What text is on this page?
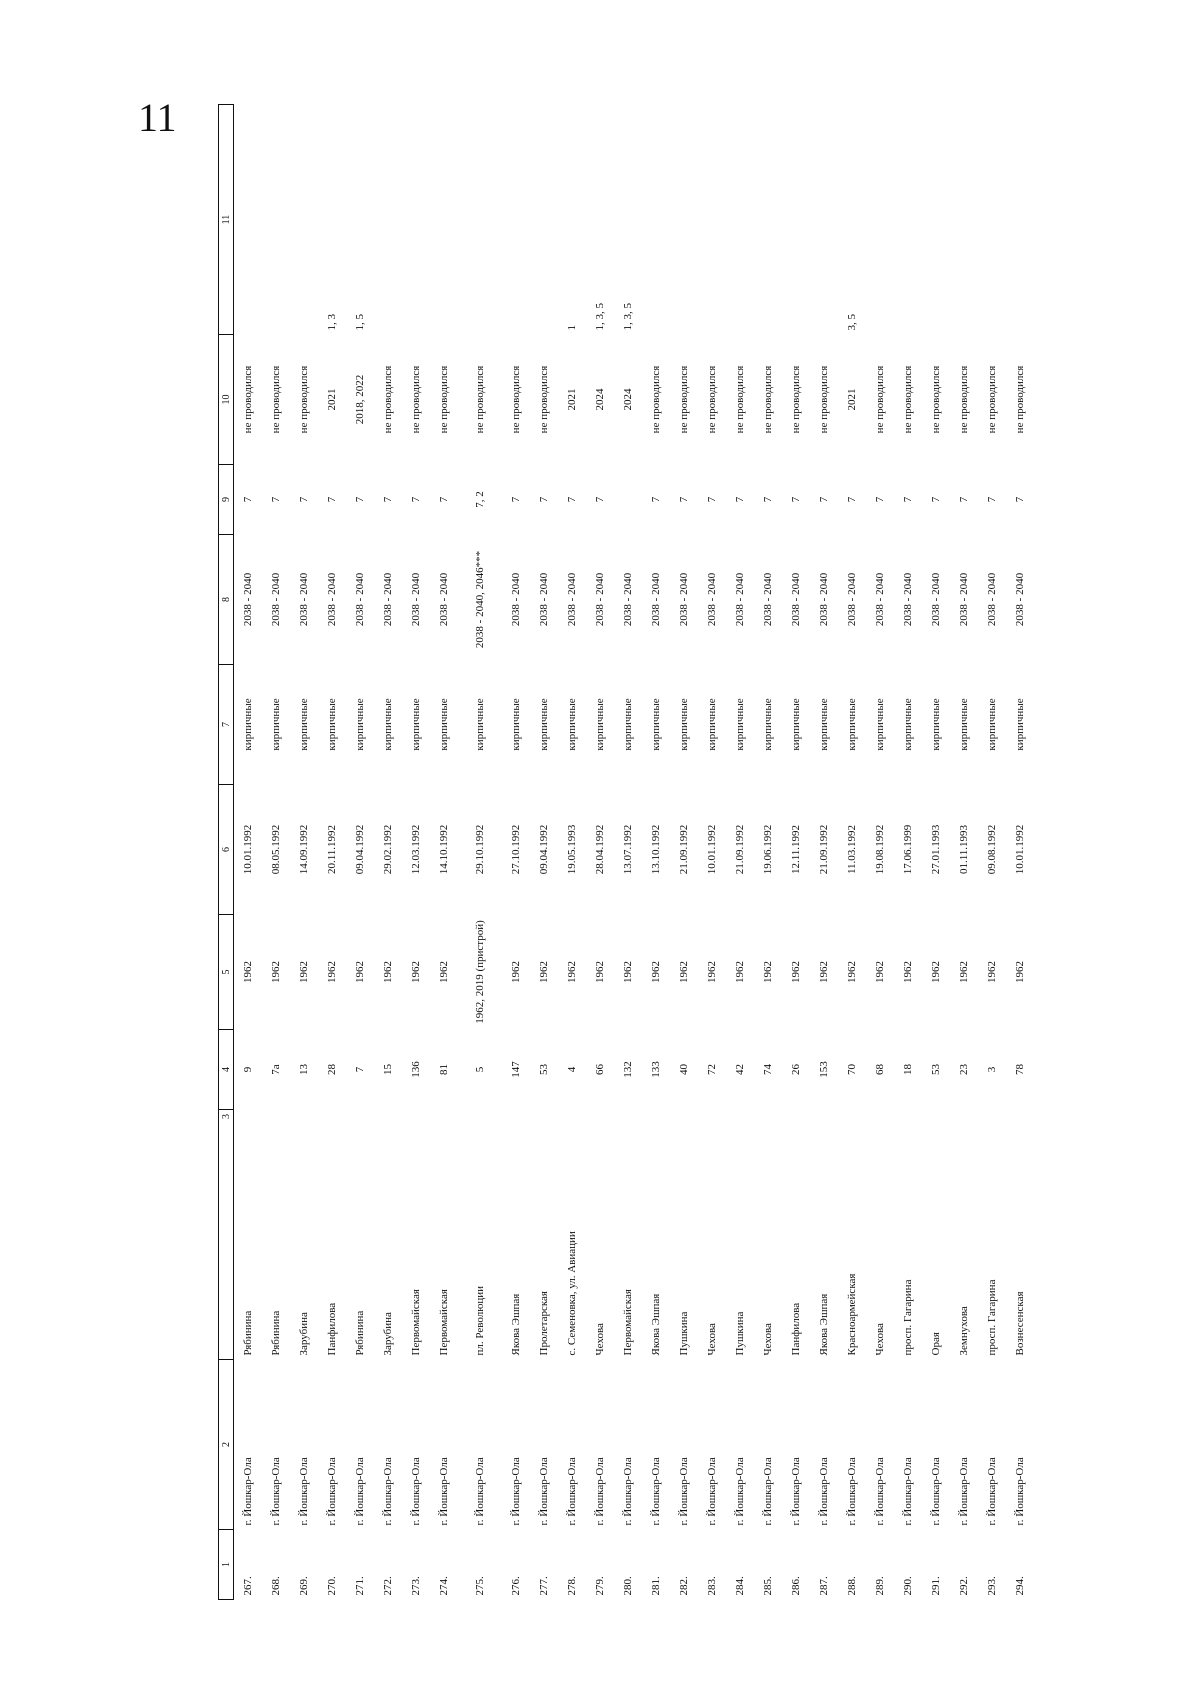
11
1	2	3	4	5	6	7	8	9	10	11
267.	г. Йошкар-Ола	Рябинина	9	1962	10.01.1992	кирпичные	2038 - 2040	7	не проводился	
268.	г. Йошкар-Ола	Рябинина	7а	1962	08.05.1992	кирпичные	2038 - 2040	7	не проводился	
269.	г. Йошкар-Ола	Зарубина	13	1962	14.09.1992	кирпичные	2038 - 2040	7	не проводился	
270.	г. Йошкар-Ола	Панфилова	28	1962	20.11.1992	кирпичные	2038 - 2040	7	2021	1, 3
271.	г. Йошкар-Ола	Рябинина	7	1962	09.04.1992	кирпичные	2038 - 2040	7	2018, 2022	1, 5
272.	г. Йошкар-Ола	Зарубина	15	1962	29.02.1992	кирпичные	2038 - 2040	7	не проводился	
273.	г. Йошкар-Ола	Первомайская	136	1962	12.03.1992	кирпичные	2038 - 2040	7	не проводился	
274.	г. Йошкар-Ола	Первомайская	81	1962	14.10.1992	кирпичные	2038 - 2040	7	не проводился	
275.	г. Йошкар-Ола	пл. Революции	5	1962, 2019 (пристрой)	29.10.1992	кирпичные	2038 - 2040, 2046***	7, 2	не проводился	
276.	г. Йошкар-Ола	Якова Эшпая	147	1962	27.10.1992	кирпичные	2038 - 2040	7	не проводился	
277.	г. Йошкар-Ола	Пролетарская	53	1962	09.04.1992	кирпичные	2038 - 2040	7	не проводился	
278.	г. Йошкар-Ола	с. Семеновка, ул. Авиации	4	1962	19.05.1993	кирпичные	2038 - 2040	7	2021	1
279.	г. Йошкар-Ола	Чехова	66	1962	28.04.1992	кирпичные	2038 - 2040	7	2024	1, 3, 5
280.	г. Йошкар-Ола	Первомайская	132	1962	13.07.1992	кирпичные	2038 - 2040		2024	1, 3, 5
281.	г. Йошкар-Ола	Якова Эшпая	133	1962	13.10.1992	кирпичные	2038 - 2040	7	не проводился	
282.	г. Йошкар-Ола	Пушкина	40	1962	21.09.1992	кирпичные	2038 - 2040	7	не проводился	
283.	г. Йошкар-Ола	Чехова	72	1962	10.01.1992	кирпичные	2038 - 2040	7	не проводился	
284.	г. Йошкар-Ола	Пушкина	42	1962	21.09.1992	кирпичные	2038 - 2040	7	не проводился	
285.	г. Йошкар-Ола	Чехова	74	1962	19.06.1992	кирпичные	2038 - 2040	7	не проводился	
286.	г. Йошкар-Ола	Панфилова	26	1962	12.11.1992	кирпичные	2038 - 2040	7	не проводился	
287.	г. Йошкар-Ола	Якова Эшпая	153	1962	21.09.1992	кирпичные	2038 - 2040	7	не проводился	
288.	г. Йошкар-Ола	Красноармейская	70	1962	11.03.1992	кирпичные	2038 - 2040	7	2021	3, 5
289.	г. Йошкар-Ола	Чехова	68	1962	19.08.1992	кирпичные	2038 - 2040	7	не проводился	
290.	г. Йошкар-Ола	просп. Гагарина	18	1962	17.06.1999	кирпичные	2038 - 2040	7	не проводился	
291.	г. Йошкар-Ола	Орая	53	1962	27.01.1993	кирпичные	2038 - 2040	7	не проводился	
292.	г. Йошкар-Ола	Земнухова	23	1962	01.11.1993	кирпичные	2038 - 2040	7	не проводился	
293.	г. Йошкар-Ола	просп. Гагарина	3	1962	09.08.1992	кирпичные	2038 - 2040	7	не проводился	
294.	г. Йошкар-Ола	Вознесенская	78	1962	10.01.1992	кирпичные	2038 - 2040	7	не проводился	
